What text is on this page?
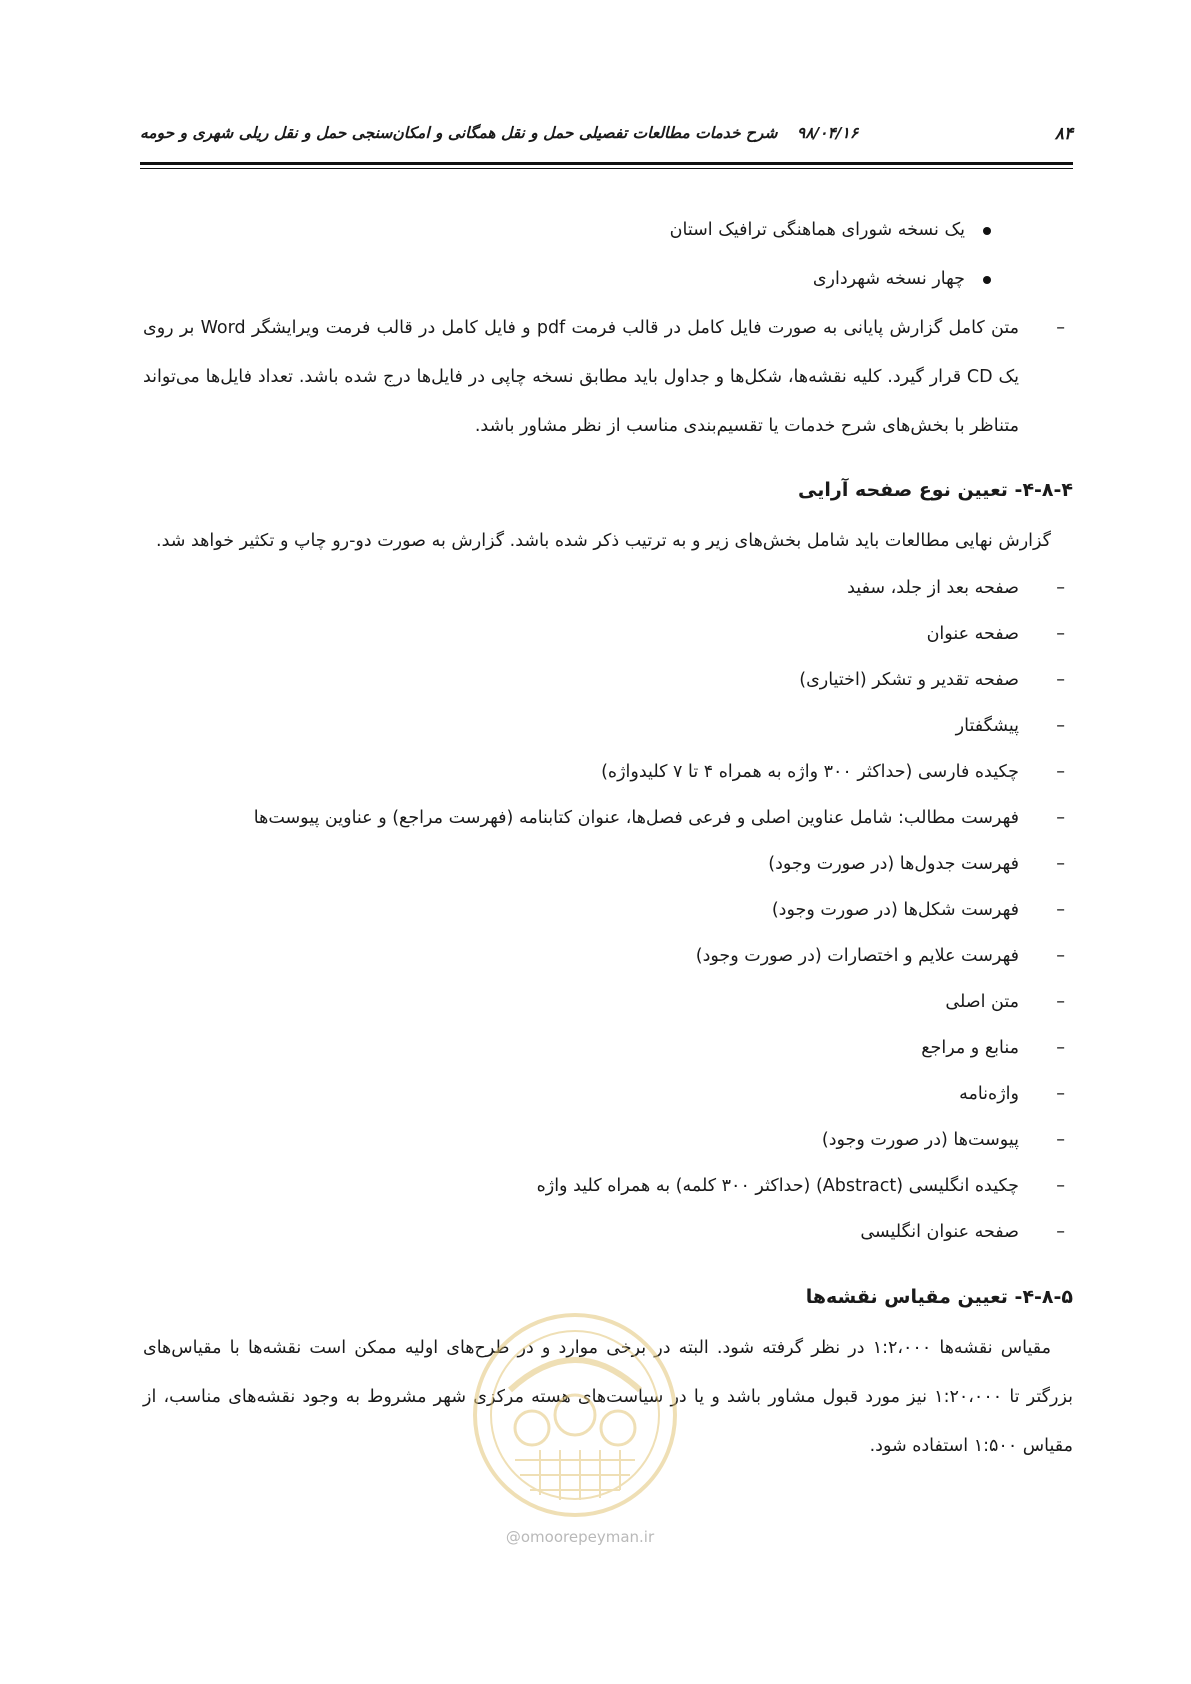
۸۴
۹۸/۰۴/۱۶ شرح خدمات مطالعات تفصیلی حمل و نقل همگانی و امکان‌سنجی حمل و نقل ریلی شهری و حومه
یک نسخه شورای هماهنگی ترافیک استان
چهار نسخه شهرداری
–
متن کامل گزارش پایانی به صورت فایل کامل در قالب فرمت pdf و فایل کامل در قالب فرمت ویرایشگر Word بر روی یک CD قرار گیرد. کلیه نقشه‌ها، شکل‌ها و جداول باید مطابق نسخه چاپی در فایل‌ها درج شده باشد. تعداد فایل‌ها می‌تواند متناظر با بخش‌های شرح خدمات یا تقسیم‌بندی مناسب از نظر مشاور باشد.
۴-۸-۴- تعیین نوع صفحه آرایی
گزارش نهایی مطالعات باید شامل بخش‌های زیر و به ترتیب ذکر شده باشد. گزارش به صورت دو-رو چاپ و تکثیر خواهد شد.
–
صفحه بعد از جلد، سفید
–
صفحه عنوان
–
صفحه تقدیر و تشکر (اختیاری)
–
پیشگفتار
–
چکیده فارسی (حداکثر ۳۰۰ واژه به همراه ۴ تا ۷ کلیدواژه)
–
فهرست مطالب: شامل عناوین اصلی و فرعی فصل‌ها، عنوان کتابنامه (فهرست مراجع) و عناوین پیوست‌ها
–
فهرست جدول‌ها (در صورت وجود)
–
فهرست شکل‌ها (در صورت وجود)
–
فهرست علایم و اختصارات (در صورت وجود)
–
متن اصلی
–
منابع و مراجع
–
واژه‌نامه
–
پیوست‌ها (در صورت وجود)
–
چکیده انگلیسی (Abstract) (حداکثر ۳۰۰ کلمه) به همراه کلید واژه
–
صفحه عنوان انگلیسی
۴-۸-۵- تعیین مقیاس نقشه‌ها
مقیاس نقشه‌ها ۱:۲،۰۰۰ در نظر گرفته شود. البته در برخی موارد و در طرح‌های اولیه ممکن است نقشه‌ها با مقیاس‌های بزرگتر تا ۱:۲۰،۰۰۰ نیز مورد قبول مشاور باشد و یا در سیاست‌های هسته مرکزی شهر مشروط به وجود نقشه‌های مناسب، از مقیاس ۱:۵۰۰ استفاده شود.
@omoorepeyman.ir
